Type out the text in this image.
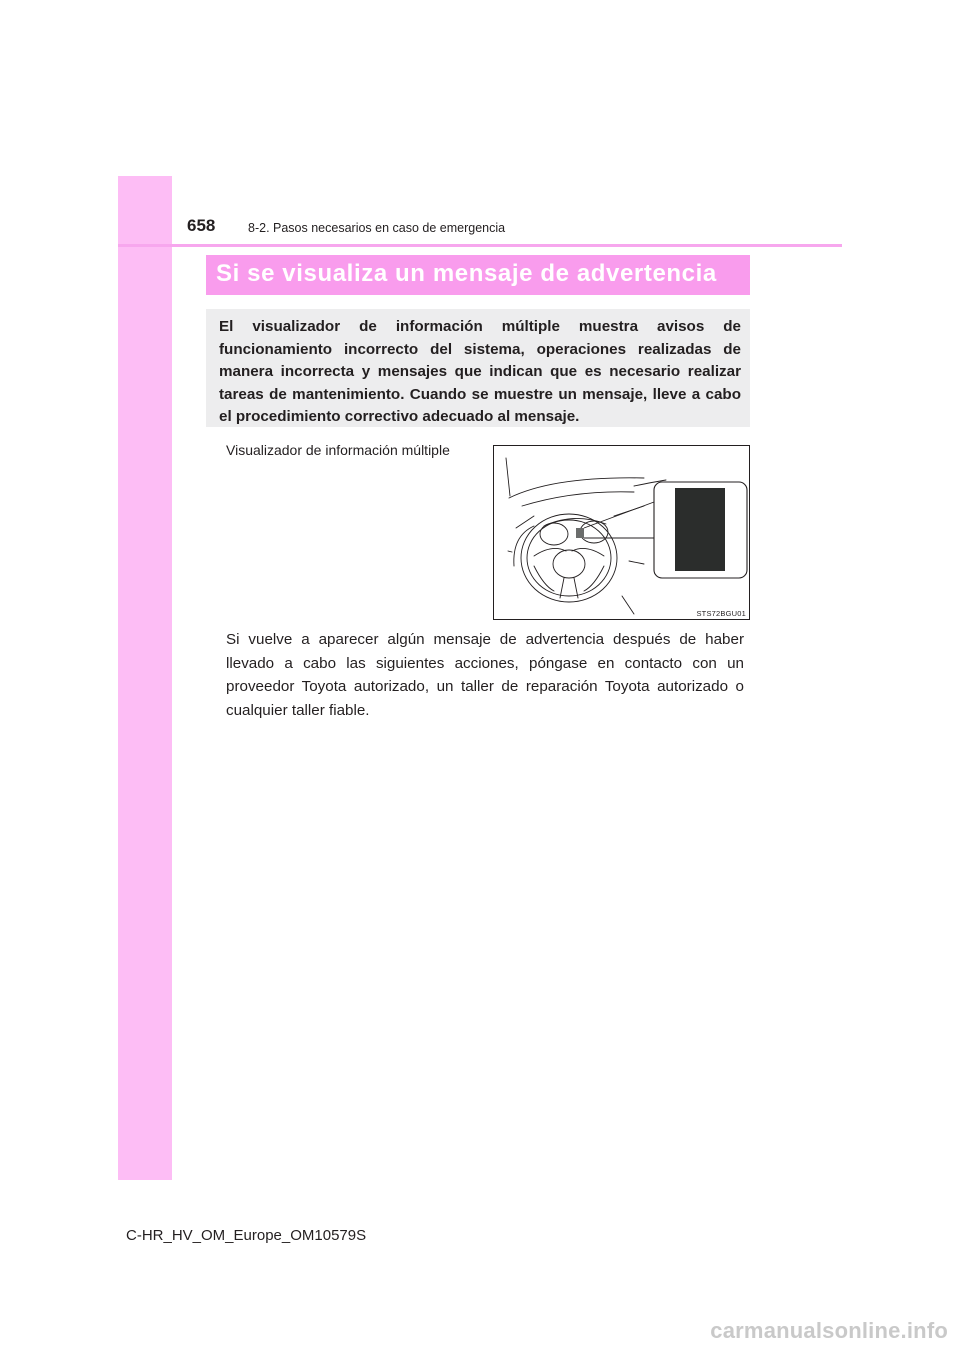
658	8-2. Pasos necesarios en caso de emergencia
Si se visualiza un mensaje de advertencia

El visualizador de información múltiple muestra avisos de funcionamiento incorrecto del sistema, operaciones realizadas de manera incorrecta y mensajes que indican que es necesario realizar tareas de mantenimiento. Cuando se muestre un mensaje, lleve a cabo el procedimiento correctivo adecuado al mensaje.

Visualizador de información múltiple
STS72BGU01

Si vuelve a aparecer algún mensaje de advertencia después de haber llevado a cabo las siguientes acciones, póngase en contacto con un proveedor Toyota autorizado, un taller de reparación Toyota autorizado o cualquier taller fiable.

C-HR_HV_OM_Europe_OM10579S
carmanualsonline.info
